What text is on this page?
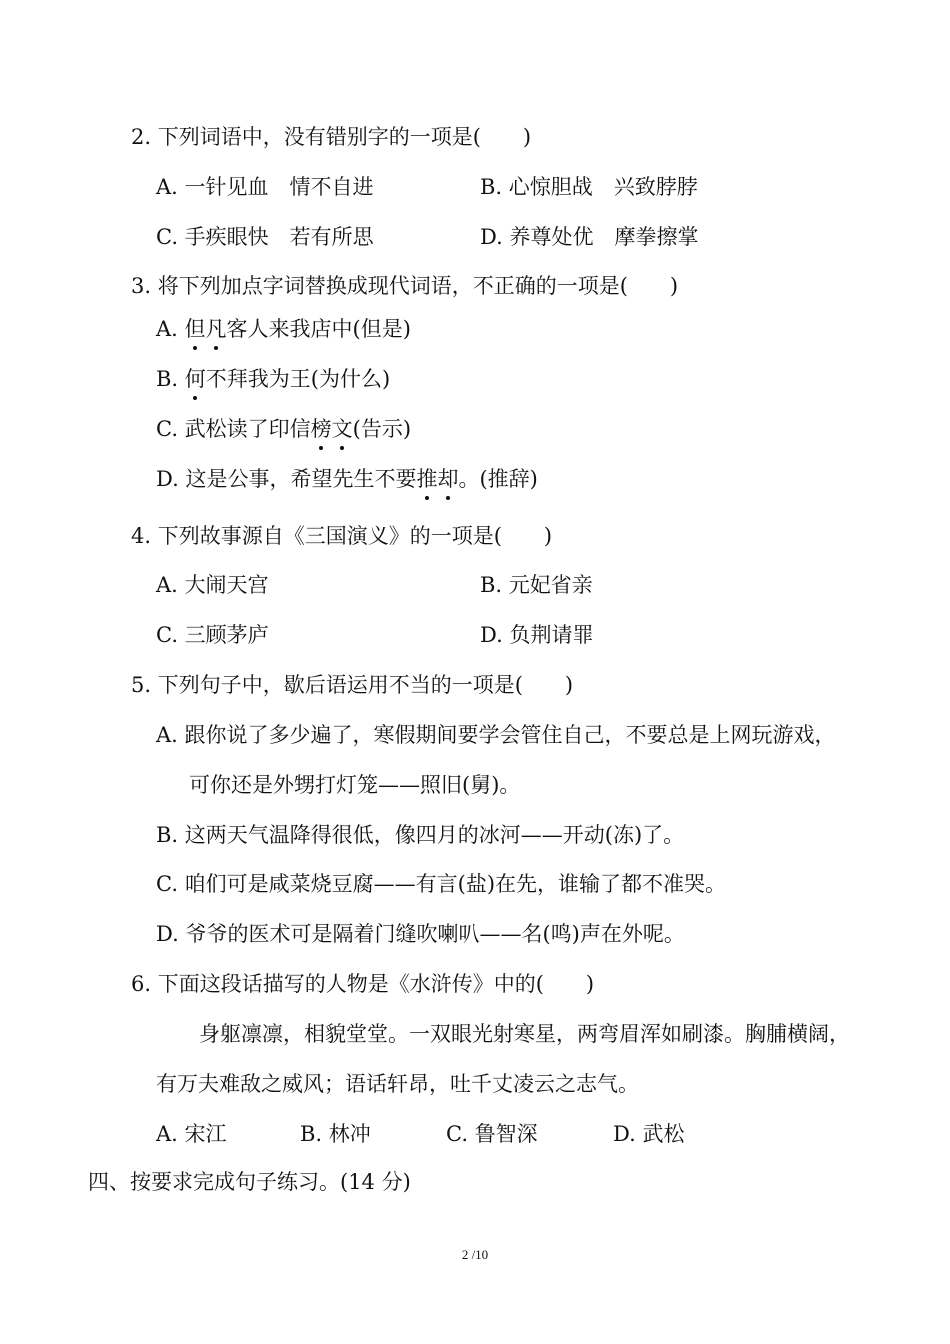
2. 下列词语中，没有错别字的一项是(　　)
A. 一针见血　情不自进	B. 心惊胆战　兴致脖脖
C. 手疾眼快　若有所思	D. 养尊处优　摩拳擦掌
3. 将下列加点字词替换成现代词语，不正确的一项是(　　)
A. 但凡客人来我店中(但是)
B. 何不拜我为王(为什么)
C. 武松读了印信榜文(告示)
D. 这是公事，希望先生不要推却。(推辞)
4. 下列故事源自《三国演义》的一项是(　　)
A. 大闹天宫	B. 元妃省亲
C. 三顾茅庐	D. 负荆请罪
5. 下列句子中，歇后语运用不当的一项是(　　)
A. 跟你说了多少遍了，寒假期间要学会管住自己，不要总是上网玩游戏，
可你还是外甥打灯笼——照旧(舅)。
B. 这两天气温降得很低，像四月的冰河——开动(冻)了。
C. 咱们可是咸菜烧豆腐——有言(盐)在先，谁输了都不准哭。
D. 爷爷的医术可是隔着门缝吹喇叭——名(鸣)声在外呢。
6. 下面这段话描写的人物是《水浒传》中的(　　)
身躯凛凛，相貌堂堂。一双眼光射寒星，两弯眉浑如刷漆。胸脯横阔，
有万夫难敌之威风；语话轩昂，吐千丈凌云之志气。
A. 宋江	B. 林冲	C. 鲁智深	D. 武松
四、按要求完成句子练习。(14 分)
2 /10
